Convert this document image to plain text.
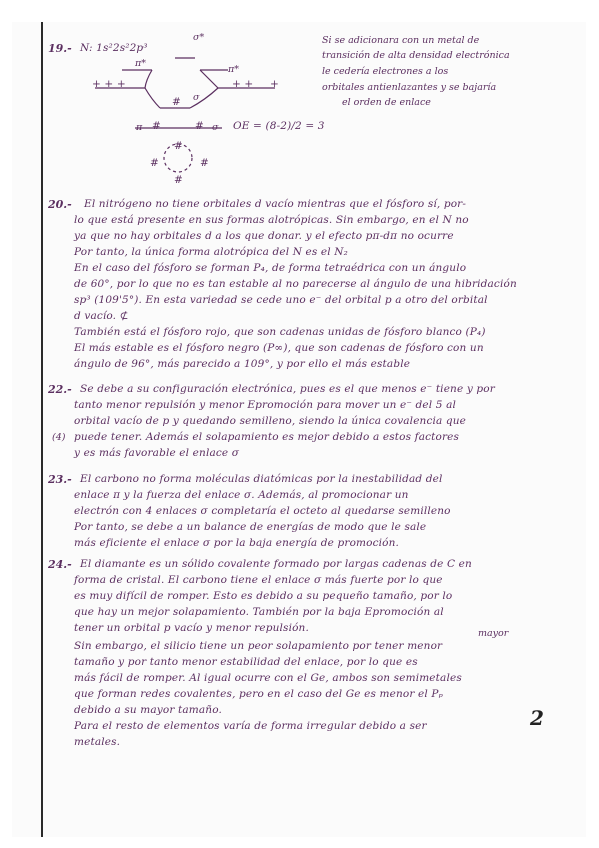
19.- N: 1s²2s²2p³
σ*
π*
π*
+ + +	+ + +
# σ
π #	# σ OE = (8-2)/2 = 3
#
#	#
#
Si se adicionara con un metal de
transición de alta densidad electrónica
le cedería electrones a los
orbitales antienlazantes y se bajaría
el orden de enlace
20.- El nitrógeno no tiene orbitales d vacío mientras que el fósforo sí, por-
lo que está presente en sus formas alotrópicas. Sin embargo, en el N no
ya que no hay orbitales d a los que donar. y el efecto pπ-dπ no ocurre
Por tanto, la única forma alotrópica del N es el N₂
En el caso del fósforo se forman P₄, de forma tetraédrica con un ángulo
de 60°, por lo que no es tan estable al no parecerse al ángulo de una hibridación
sp³ (109'5°). En esta variedad se cede uno e⁻ del orbital p a otro del orbital
d vacío. ⊄
También está el fósforo rojo, que son cadenas unidas de fósforo blanco (P₄)
El más estable es el fósforo negro (P∞), que son cadenas de fósforo con un
ángulo de 96°, más parecido a 109°, y por ello el más estable
22.- Se debe a su configuración electrónica, pues es el que menos e⁻ tiene y por
tanto menor repulsión y menor Epromoción para mover un e⁻ del 5 al
orbital vacío de p y quedando semilleno, siendo la única covalencia que
(4) puede tener. Además el solapamiento es mejor debido a estos factores
y es más favorable el enlace σ
23.- El carbono no forma moléculas diatómicas por la inestabilidad del
enlace π y la fuerza del enlace σ. Además, al promocionar un
electrón con 4 enlaces σ completaría el octeto al quedarse semilleno
Por tanto, se debe a un balance de energías de modo que le sale
más eficiente el enlace σ por la baja energía de promoción.
24.- El diamante es un sólido covalente formado por largas cadenas de C en
forma de cristal. El carbono tiene el enlace σ más fuerte por lo que
es muy difícil de romper. Esto es debido a su pequeño tamaño, por lo
que hay un mejor solapamiento. También por la baja Epromoción al
tener un orbital p vacío y menor repulsión.	mayor
Sin embargo, el silicio tiene un peor solapamiento por tener menor
tamaño y por tanto menor estabilidad del enlace, por lo que es
más fácil de romper. Al igual ocurre con el Ge, ambos son semimetales
que forman redes covalentes, pero en el caso del Ge es menor el Pₚ
debido a su mayor tamaño.
Para el resto de elementos varía de forma irregular debido a ser
metales.
2
